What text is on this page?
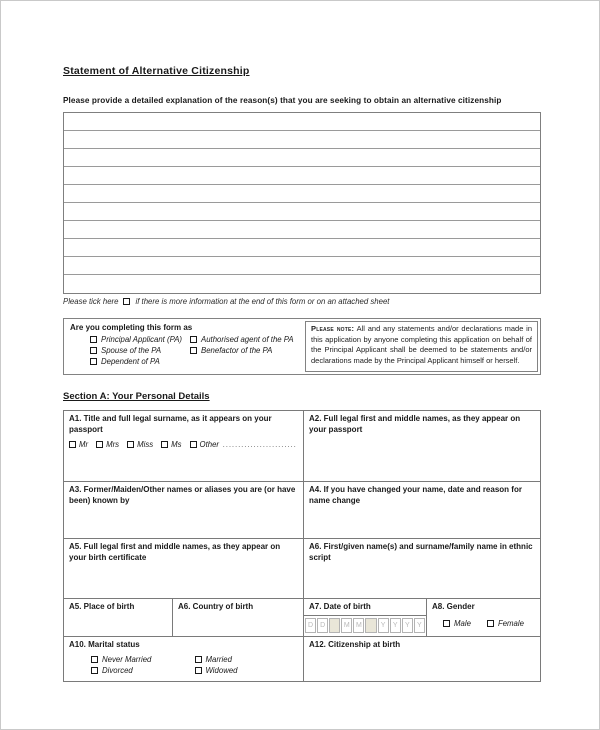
Statement of Alternative Citizenship
Please provide a detailed explanation of the reason(s) that you are seeking to obtain an alternative citizenship
Please tick here if there is more information at the end of this form or on an attached sheet
Are you completing this form as
Principal Applicant (PA)
Spouse of the PA
Dependent of PA
Authorised agent of the PA
Benefactor of the PA
Please note: All and any statements and/or declarations made in this application by anyone completing this application on behalf of the Principal Applicant shall be deemed to be statements and/or declarations made by the Principal Applicant himself or herself.
Section A: Your Personal Details
A1. Title and full legal surname, as it appears on your passport
Mr Mrs Miss Ms Other ........................
A2. Full legal first and middle names, as they appear on your passport
A3. Former/Maiden/Other names or aliases you are (or have been) known by
A4. If you have changed your name, date and reason for name change
A5. Full legal first and middle names, as they appear on your birth certificate
A6. First/given name(s) and surname/family name in ethnic script
A5. Place of birth	A6. Country of birth	A7. Date of birth
D	D	M M	Y	Y	Y	Y
A8. Gender
Male	Female
A10. Marital status
Never Married
Divorced
Married
Widowed
A12. Citizenship at birth
